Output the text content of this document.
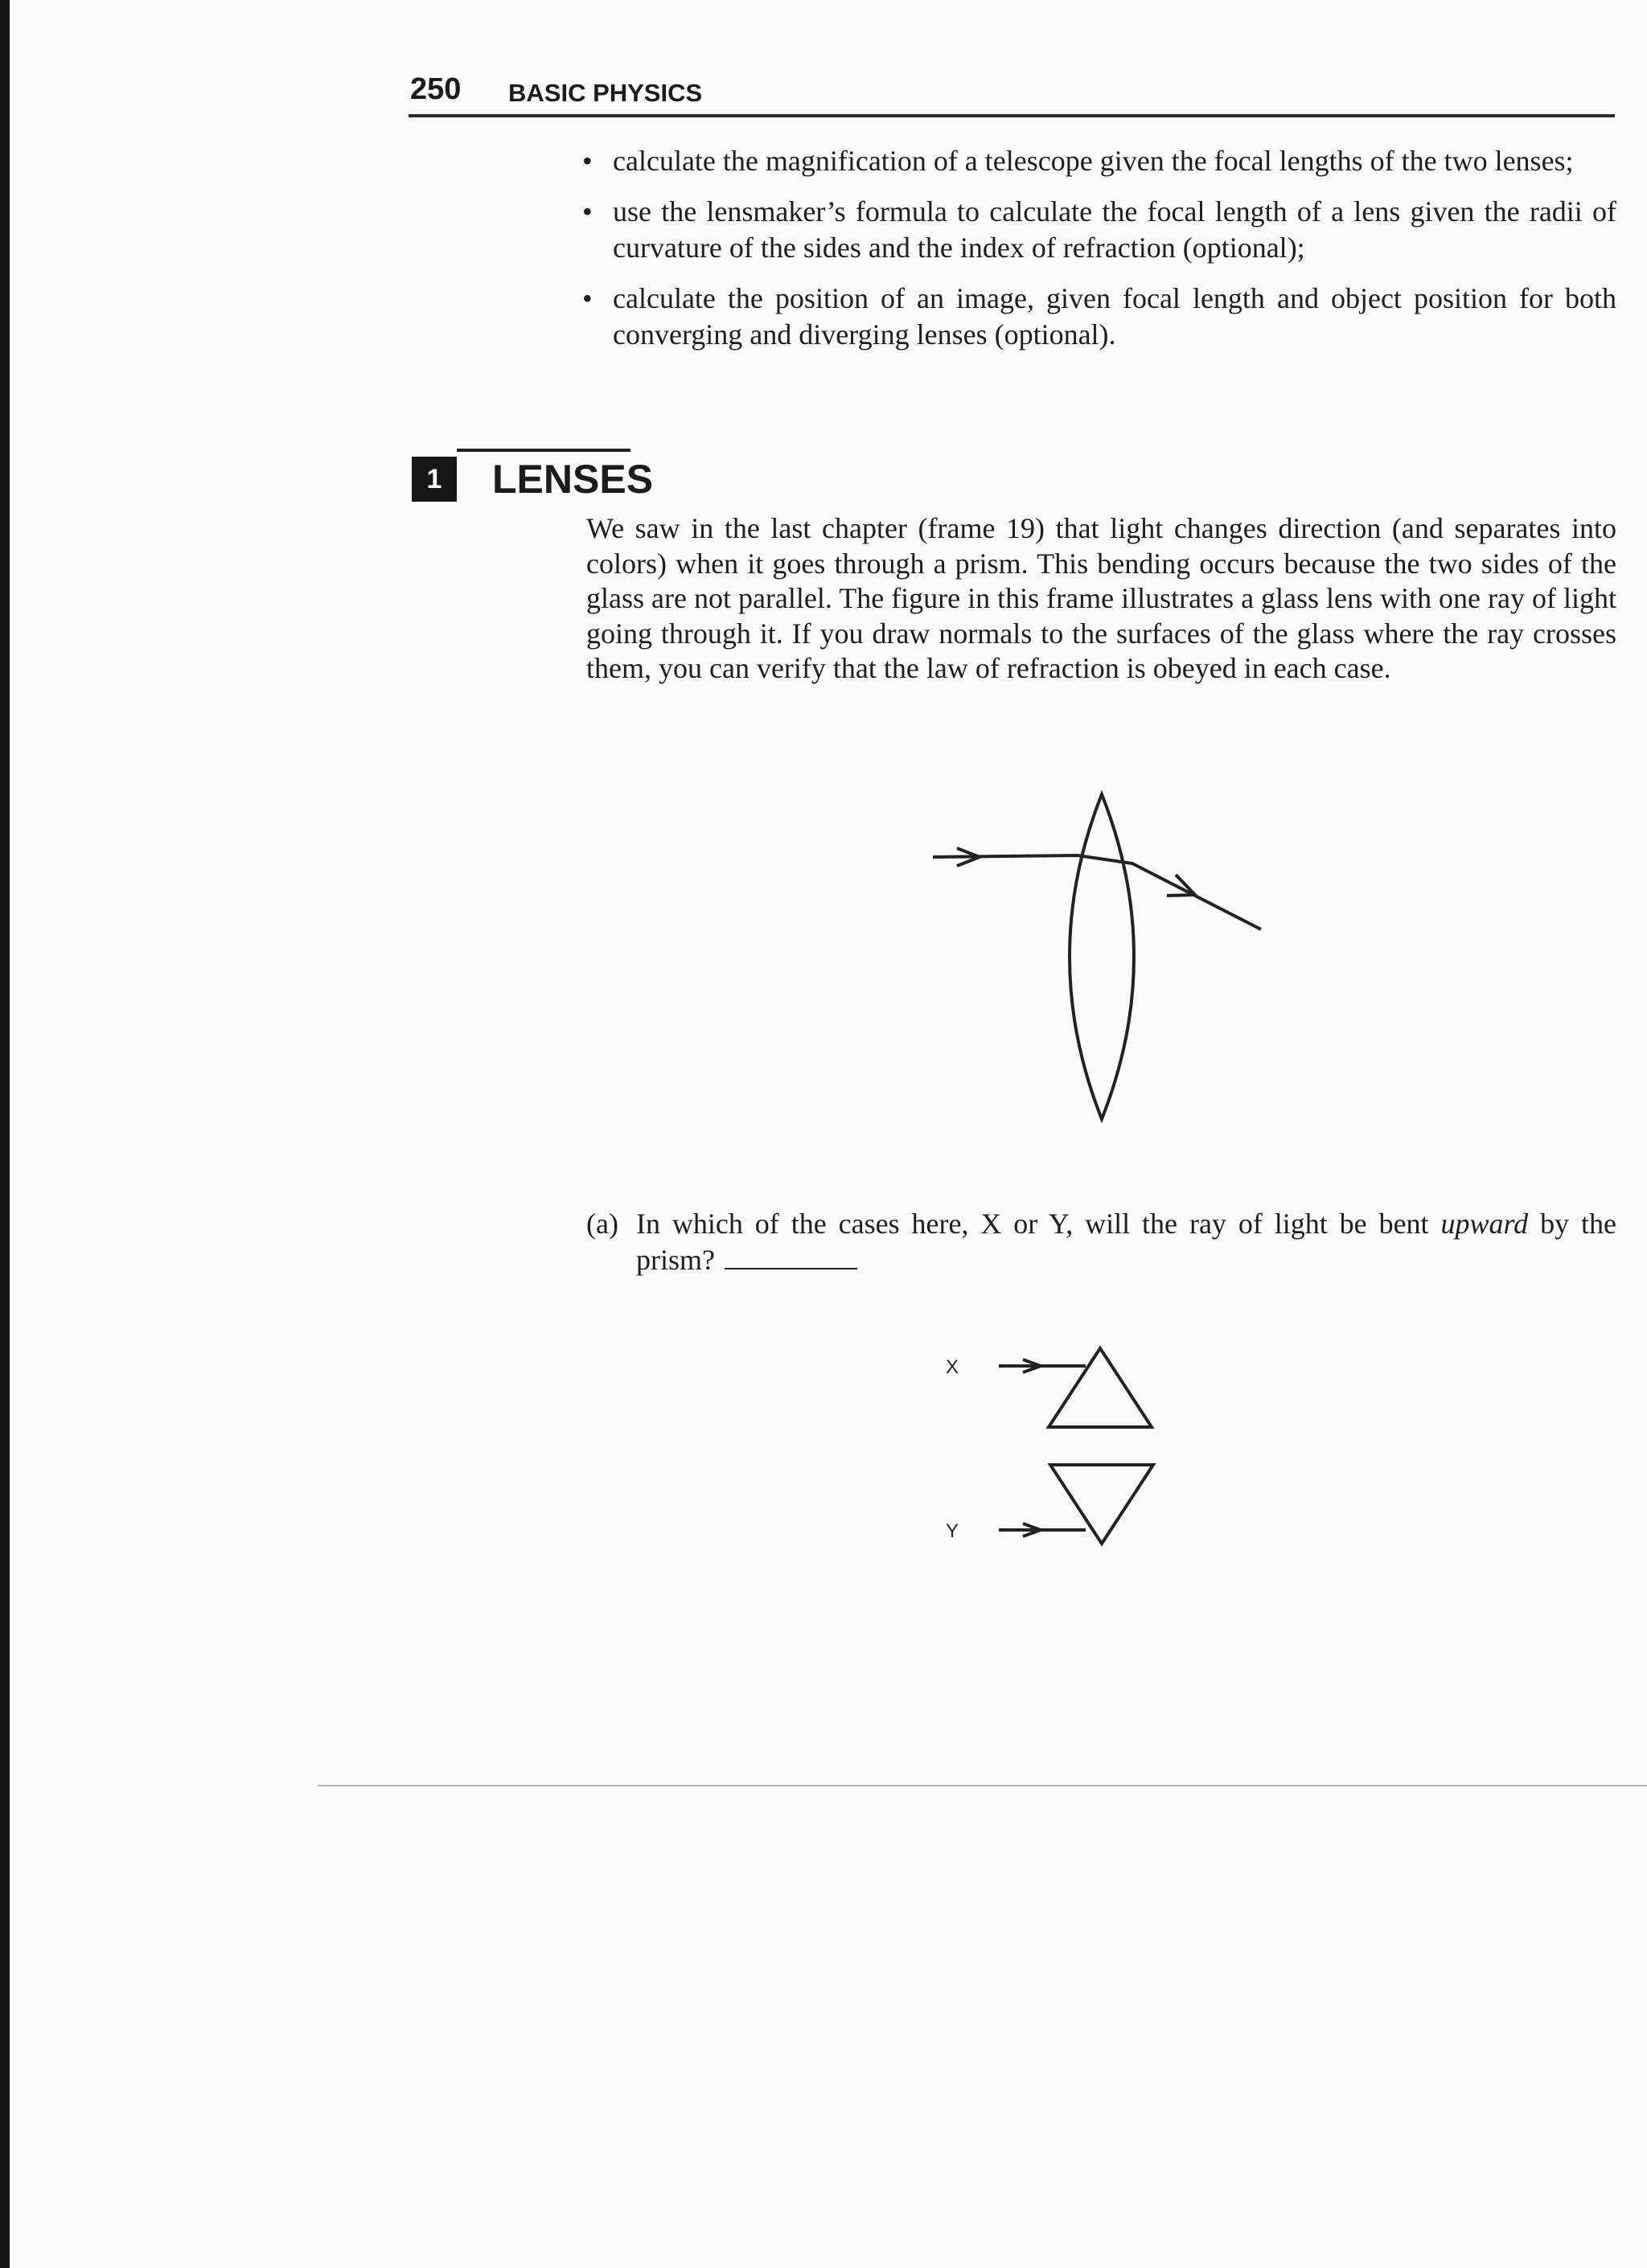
250 BASIC PHYSICS
• calculate the magnification of a telescope given the focal lengths of the two lenses;
• use the lensmaker’s formula to calculate the focal length of a lens given the radii of curvature of the sides and the index of refraction (optional);
• calculate the position of an image, given focal length and object position for both converging and diverging lenses (optional).
1	LENSES

We saw in the last chapter (frame 19) that light changes direction (and separates into colors) when it goes through a prism. This bending occurs because the two sides of the glass are not parallel. The figure in this frame illustrates a glass lens with one ray of light going through it. If you draw normals to the surfaces of the glass where the ray crosses them, you can verify that the law of refraction is obeyed in each case.

(a) In which of the cases here, X or Y, will the ray of light be bent upward by the prism?

X
Y
